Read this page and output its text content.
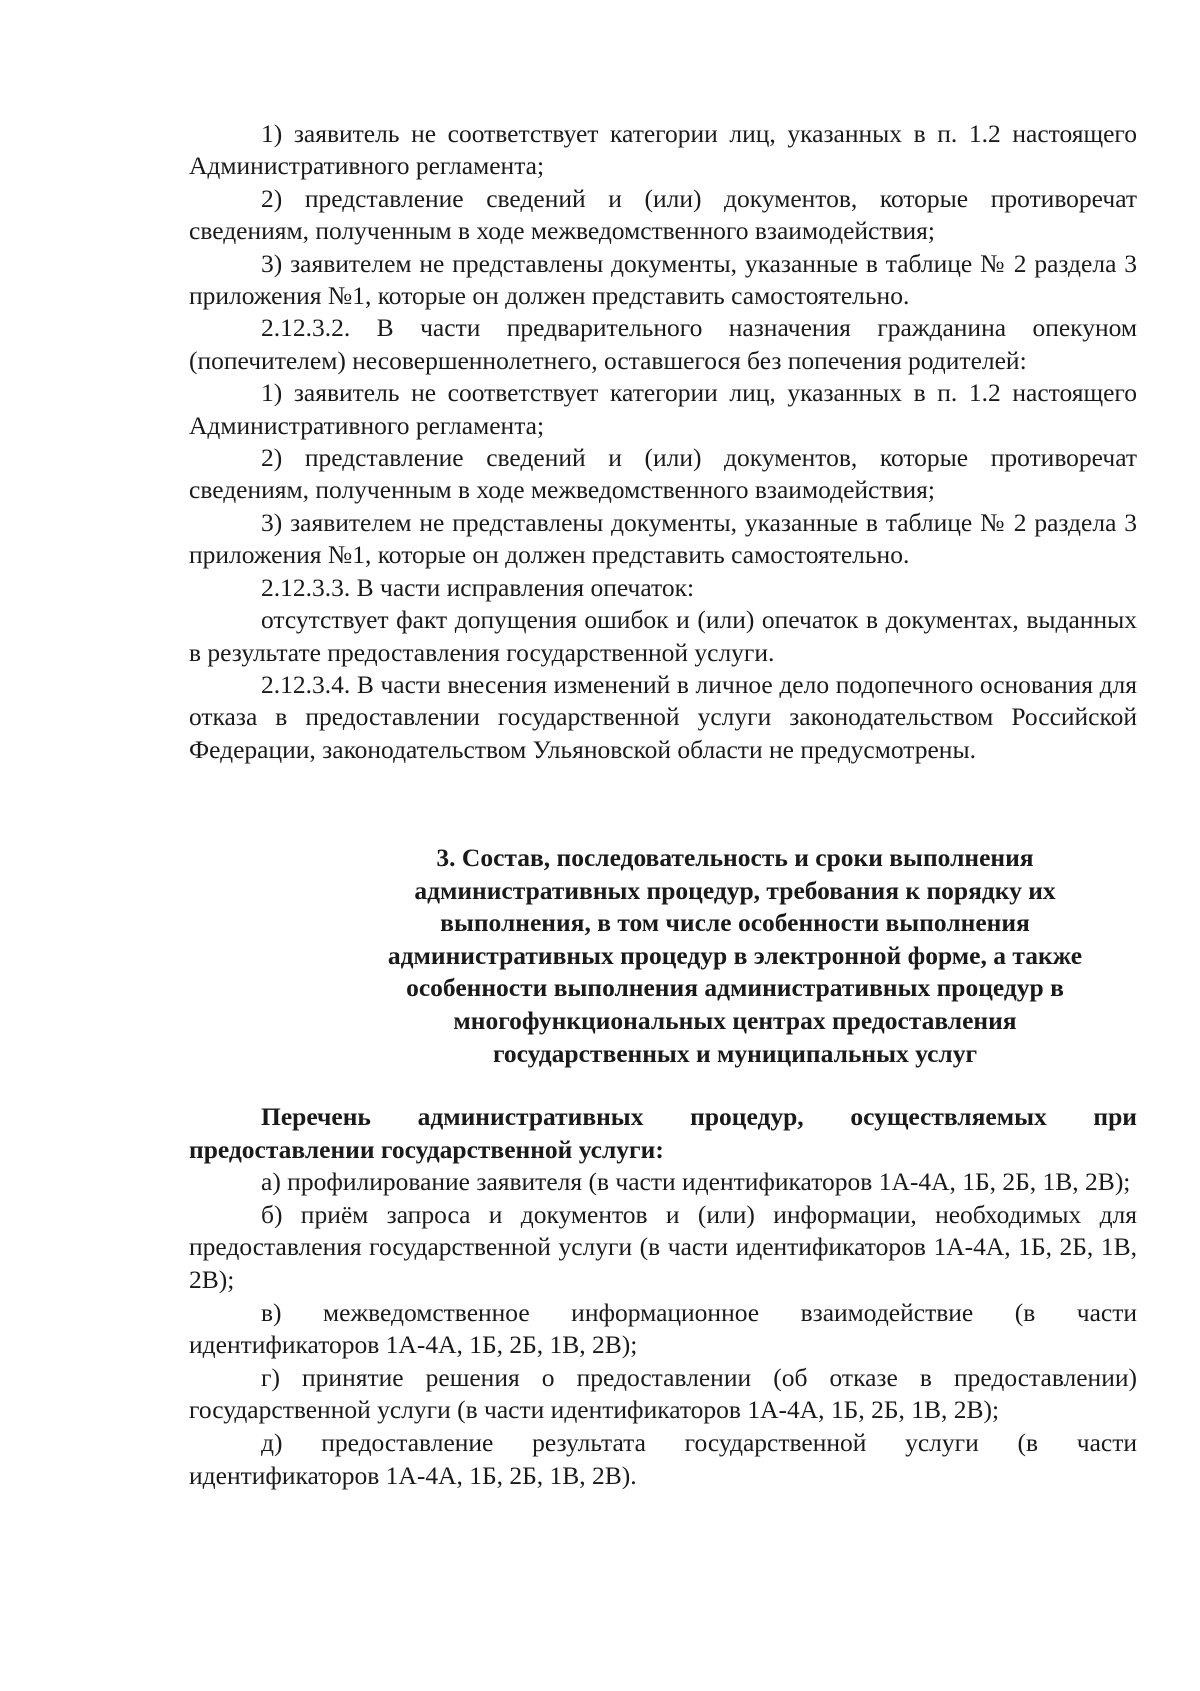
1) заявитель не соответствует категории лиц, указанных в п. 1.2 настоящего Административного регламента;

2) представление сведений и (или) документов, которые противоречат сведениям, полученным в ходе межведомственного взаимодействия;

3) заявителем не представлены документы, указанные в таблице № 2 раздела 3 приложения №1, которые он должен представить самостоятельно.

2.12.3.2. В части предварительного назначения гражданина опекуном (попечителем) несовершеннолетнего, оставшегося без попечения родителей:

1) заявитель не соответствует категории лиц, указанных в п. 1.2 настоящего Административного регламента;

2) представление сведений и (или) документов, которые противоречат сведениям, полученным в ходе межведомственного взаимодействия;

3) заявителем не представлены документы, указанные в таблице № 2 раздела 3 приложения №1, которые он должен представить самостоятельно.

2.12.3.3. В части исправления опечаток:

отсутствует факт допущения ошибок и (или) опечаток в документах, выданных в результате предоставления государственной услуги.

2.12.3.4. В части внесения изменений в личное дело подопечного основания для отказа в предоставлении государственной услуги законодательством Российской Федерации, законодательством Ульяновской области не предусмотрены.

3. Состав, последовательность и сроки выполнения
административных процедур, требования к порядку их
выполнения, в том числе особенности выполнения
административных процедур в электронной форме, а также
особенности выполнения административных процедур в
многофункциональных центрах предоставления
государственных и муниципальных услуг

Перечень административных процедур, осуществляемых при предоставлении государственной услуги:

а) профилирование заявителя (в части идентификаторов 1А-4А, 1Б, 2Б, 1В, 2В);

б) приём запроса и документов и (или) информации, необходимых для предоставления государственной услуги (в части идентификаторов 1А-4А, 1Б, 2Б, 1В, 2В);

в) межведомственное информационное взаимодействие (в части идентификаторов 1А-4А, 1Б, 2Б, 1В, 2В);

г) принятие решения о предоставлении (об отказе в предоставлении) государственной услуги (в части идентификаторов 1А-4А, 1Б, 2Б, 1В, 2В);

д) предоставление результата государственной услуги (в части идентификаторов 1А-4А, 1Б, 2Б, 1В, 2В).
